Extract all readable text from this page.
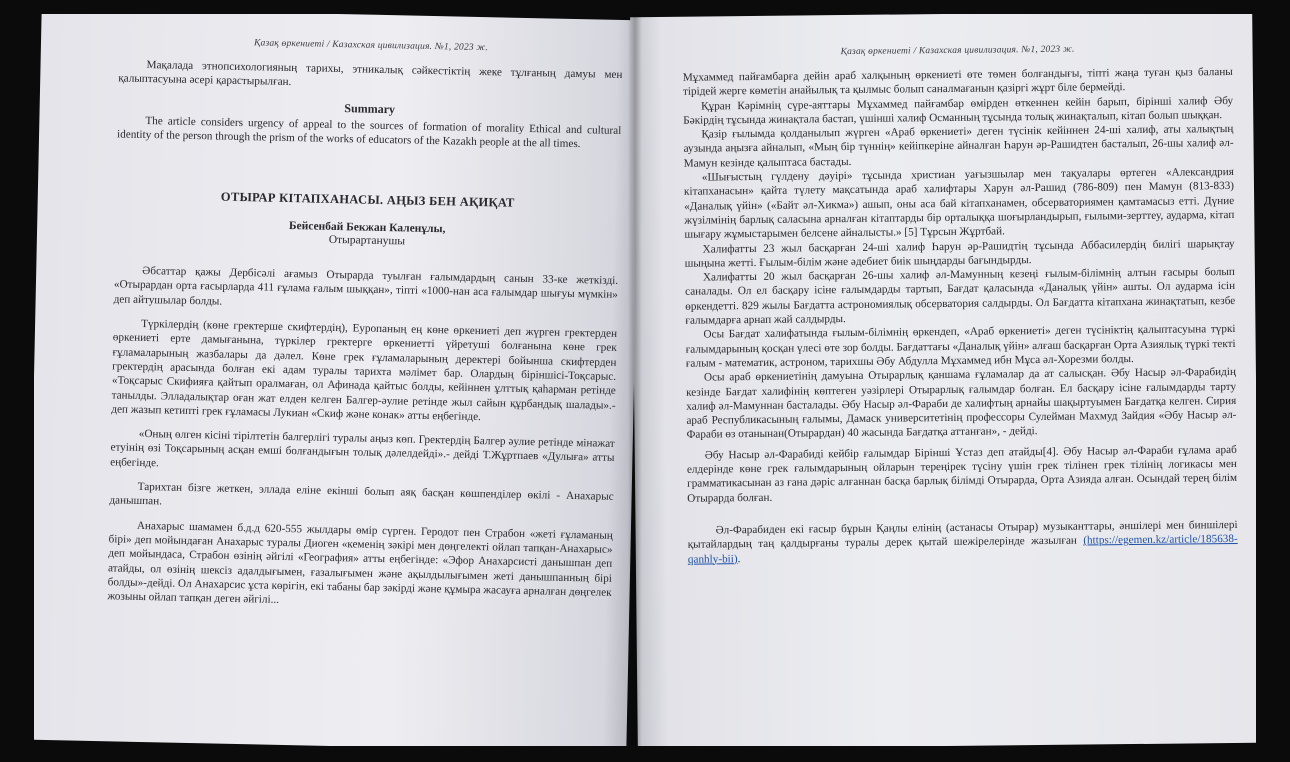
Қазақ өркениеті / Казахская цивилизация. №1, 2023 ж.

Мақалада этнопсихологияның тарихы, этникалық сәйкестіктің жеке тұлғаның дамуы мен қалыптасуына әсері қарастырылған.

Summary

The article considers urgency of appeal to the sources of formation of morality Ethical and cultural identity of the person through the prism of the works of educators of the Kazakh people at the all times.

ОТЫРАР КІТАПХАНАСЫ. АҢЫЗ БЕН АҚИҚАТ
Бейсенбай Бекжан Каленұлы,
Отырартанушы

Әбсаттар қажы Дербісәлі ағамыз Отырарда туылған ғалымдардың санын 33-ке жеткізді. «Отырардан орта ғасырларда 411 ғұлама ғалым шыққан», тіпті «1000-нан аса ғалымдар шығуы мүмкін» деп айтушылар болды.

Түркілердің (көне гректерше скифтердің), Еуропаның ең көне өркениеті деп жүрген гректерден өркениеті ерте дамығанына, түркілер гректерге өркениетті үйретуші болғанына көне грек ғұламаларының жазбалары да дәлел. Көне грек ғұламаларының деректері бойынша скифтерден гректердің арасында болған екі адам туралы тарихта мәлімет бар. Олардың біріншісі-Тоқсарыс. «Тоқсарыс Скифияға қайтып оралмаған, ол Афинада қайтыс болды, кейіннен ұлттық қаһарман ретінде танылды. Элладалықтар оған жат елден келген Балгер-әулие ретінде жыл сайын құрбандық шалады».- деп жазып кетипті грек ғұламасы Лукиан «Скиф және конак» атты еңбегінде.

«Оның өлген кісіні тірілтетін балгерлігі туралы аңыз көп. Гректердің Балгер әулие ретінде мінажат етуінің өзі Тоқсарының асқан емші болғандығын толық дәлелдейді».- дейді Т.Жұртпаев «Дулыға» атты еңбегінде.

Тарихтан бізге жеткен, элладa еліне екінші болып аяқ басқан көшпенділер өкілі - Анахарыс данышпан.

Анахарыс шамамен б.д.д 620-555 жылдары өмір сүрген. Геродот пен Страбон «жеті ғұламаның бірі» деп мойындаған Анахарыс туралы Диоген «кеменің зәкірі мен дөңгелекті ойлап тапқан-Анахарыс» деп мойындаса, Страбон өзінің әйгілі «География» атты еңбегінде: «Эфор Анахарсисті данышпан деп атайды, ол өзінің шексіз адалдығымен, ғазалығымен және ақылдылығымен жеті данышпанның бірі болды»-дейді. Ол Анахарсис ұста көрігін, екі табаны бар зәкірді және құмыра жасауға арналған дөңгелек жозыны ойлап тапқан деген әйгілі...

Қазақ өркениеті / Казахская цивилизация. №1, 2023 ж.

Мұхаммед пайғамбарға дейін араб халқының өркениеті өте төмен болғандығы, тіпті жаңа туған қыз баланы тірідей жерге көметін анайылық та қылмыс болып саналмағанын қазіргі жұрт біле бермейді.

Құран Кәрімнің сүре-аяттары Мұхаммед пайғамбар өмірден өткеннен кейін барып, бірінші халиф Әбу Бәкірдің тұсында жинақтала бастап, үшінші халиф Османның тұсында толық жинақталып, кітап болып шыққан.

Қазір ғылымда қолданылып жүрген «Араб өркениеті» деген түсінік кейіннен 24-ші халиф, аты халықтың аузында аңызға айналып, «Мың бір түннің» кейіпкеріне айналған Һарун әр-Рашидтен басталып, 26-шы халиф әл-Мамун кезінде қалыптаса бастады.

«Шығыстың гүлдену дәуірі» тұсында христиан уағызшылар мен тақуалары өртеген «Александрия кітапханасын» қайта түлету мақсатында араб халифтары Харун әл-Рашид (786-809) пен Мамун (813-833) «Даналық үйін» («Байт әл-Хикма») ашып, оны аса бай кітапханамен, обсерваториямен қамтамасыз етті. Дүние жүзілмінің барлық саласына арналған кітаптарды бір орталыққа шоғырландырып, ғылыми-зерттеу, аударма, кітап шығару жұмыстарымен белсене айналысты.» [5] Тұрсын Жұртбай.

Халифатты 23 жыл басқарған 24-ші халиф Һарун әр-Рашидтің тұсында Аббасилердің билігі шарықтау шыңына жетті. Ғылым-білім және әдебиет биік шыңдарды бағындырды.

Халифатты 20 жыл басқарған 26-шы халиф әл-Мамунның кезеңі ғылым-білімнің алтын ғасыры болып саналады. Ол ел басқару ісіне ғалымдарды тартып, Бағдат қаласында «Даналық үйін» ашты. Ол аударма ісін өркендетті. 829 жылы Бағдатта астрономиялық обсерватория салдырды. Ол Бағдатта кітапхана жинақтатып, кезбе ғалымдарға арнап жай салдырды.

Осы Бағдат халифатында ғылым-білімнің өркендеп, «Араб өркениеті» деген түсініктің қалыптасуына түркі ғалымдарының қосқан үлесі өте зор болды. Бағдаттағы «Даналық үйін» алғаш басқарған Орта Азиялық түркі текті ғалым - математик, астроном, тарихшы Әбу Абдулла Мұхаммед ибн Мұса әл-Хорезми болды.

Осы араб өркениетінің дамуына Отырарлық қаншама ғұламалар да ат салысқан. Әбу Насыр әл-Фарабидің кезінде Бағдат халифінің көптеген уәзірлері Отырарлық ғалымдар болған. Ел басқару ісіне ғалымдарды тарту халиф әл-Мамуннан басталады. Әбу Насыр әл-Фараби де халифтың арнайы шақыртуымен Бағдатқа келген. Сирия араб Республикасының ғалымы, Дамаск университетінің профессоры Сулейман Махмуд Зайдия «Әбу Насыр әл-Фараби өз отанынан(Отырардан) 40 жасында Бағдатқа аттанған», - дейді.

Әбу Насыр әл-Фарабиді кейбір ғалымдар Бірінші Ұстаз деп атайды[4]. Әбу Насыр әл-Фараби ғұлама араб елдерінде көне грек ғалымдарының ойларын тереңірек түсіну үшін грек тілінен грек тілінің логикасы мен грамматикасынан аз ғана дәріс алғаннан басқа барлық білімді Отырарда, Орта Азияда алған. Осындай терең білім Отырарда болған.

Әл-Фарабиден екі ғасыр бұрын Қаңлы елінің (астанасы Отырар) музыканттары, әншілері мен биншілері қытайлардың таң қалдырғаны туралы дерек қытай шежірелерінде жазылған (https://egemen.kz/article/185638-qanhly-bii).
